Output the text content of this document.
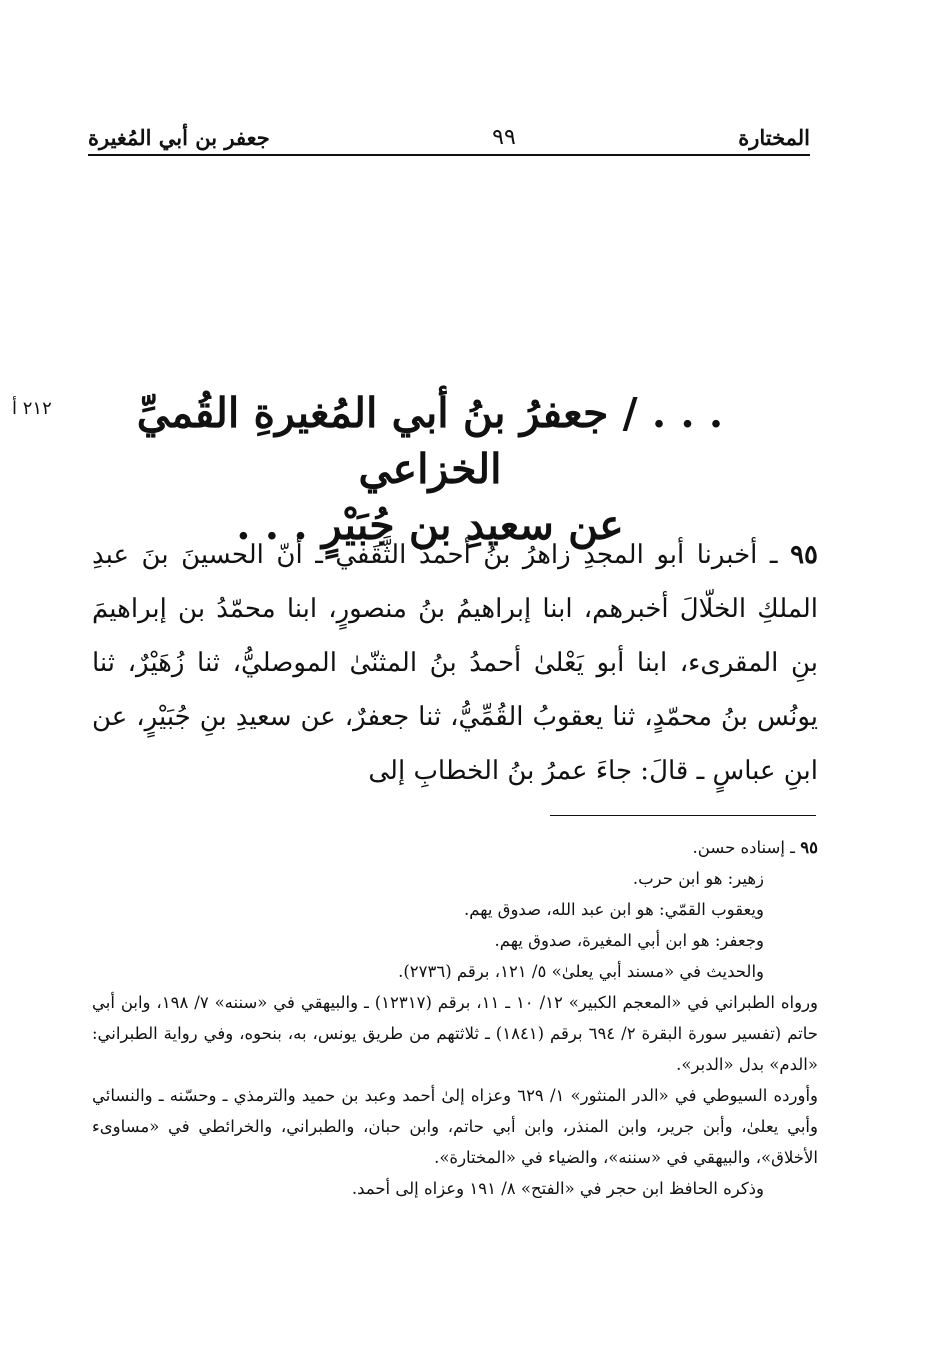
المختارة
٩٩
جعفر بن أبي المُغيرة
٢١٢ أ	. . . / جعفرُ بنُ أبي المُغيرةِ القُميِّ الخزاعي
عن سعيدِ بن جُبَيْرٍ . . .
٩٥ ـ أخبرنا أبو المجدِ زاهرُ بنُ أحمدَ الثَّقَفي ـ أنّ الحسينَ بنَ عبدِ الملكِ الخلّالَ أخبرهم، ابنا إبراهيمُ بنُ منصورٍ، ابنا محمّدُ بن إبراهيمَ بنِ المقرىء، ابنا أبو يَعْلىٰ أحمدُ بنُ المثنّىٰ الموصليُّ، ثنا زُهَيْرٌ، ثنا يونُس بنُ محمّدٍ، ثنا يعقوبُ القُمِّيُّ، ثنا جعفرٌ، عن سعيدِ بنِ جُبَيْرٍ، عن ابنِ عباسٍ ـ قالَ: جاءَ عمرُ بنُ الخطابِ إلى

٩٥ ـ إسناده حسن.

زهير: هو ابن حرب.

ويعقوب القمّي: هو ابن عبد الله، صدوق يهم.

وجعفر: هو ابن أبي المغيرة، صدوق يهم.

والحديث في «مسند أبي يعلىٰ» ٥/ ١٢١، برقم (٢٧٣٦).

ورواه الطبراني في «المعجم الكبير» ١٢/ ١٠ ـ ١١، برقم (١٢٣١٧) ـ والبيهقي في «سننه» ٧/ ١٩٨، وابن أبي حاتم (تفسير سورة البقرة ٢/ ٦٩٤ برقم (١٨٤١) ـ ثلاثتهم من طريق يونس، به، بنحوه، وفي رواية الطبراني: «الدم» بدل «الدبر».

وأورده السيوطي في «الدر المنثور» ١/ ٦٢٩ وعزاه إلىٰ أحمد وعبد بن حميد والترمذي ـ وحسّنه ـ والنسائي وأبي يعلىٰ، وأبن جرير، وابن المنذر، وابن أبي حاتم، وابن حبان، والطبراني، والخرائطي في «مساوىء الأخلاق»، والبيهقي في «سننه»، والضياء في «المختارة».

وذكره الحافظ ابن حجر في «الفتح» ٨/ ١٩١ وعزاه إلى أحمد.
